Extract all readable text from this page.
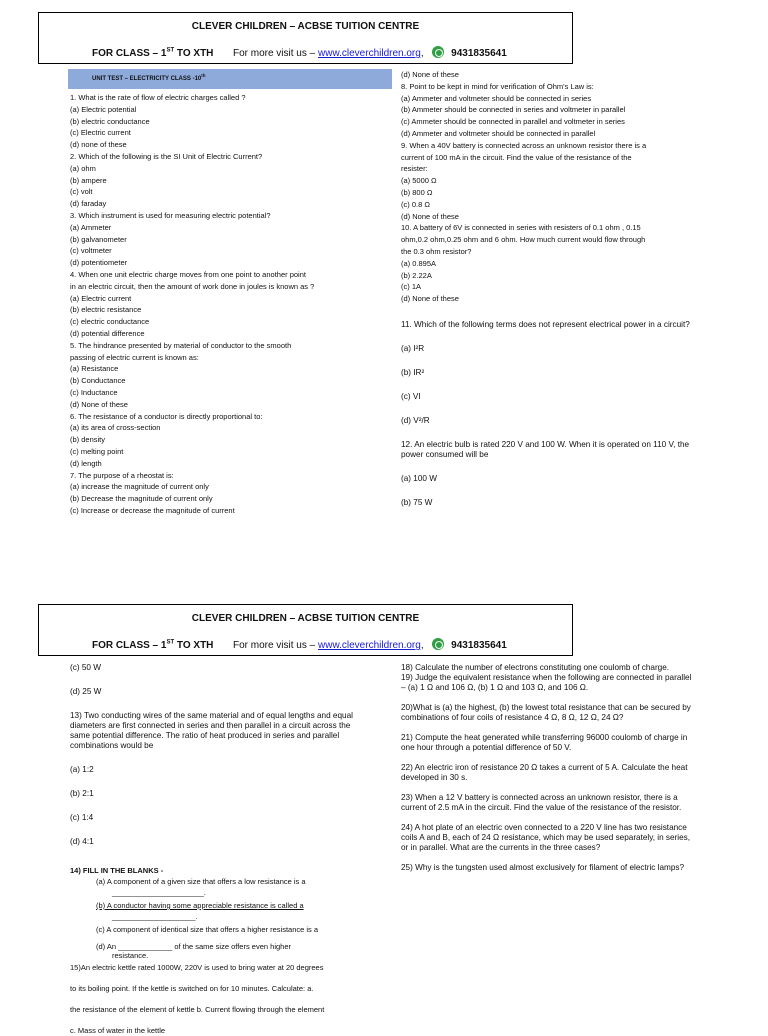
CLEVER CHILDREN – ACBSE TUITION CENTRE
FOR CLASS – 1ST TO XTH For more visit us – www.cleverchildren.org,	9431835641
UNIT TEST – ELECTRICITY CLASS -10th

1. What is the rate of flow of electric charges called ?

(a) Electric potential

(b) electric conductance

(c) Electric current

(d) none of these

2. Which of the following is the SI Unit of Electric Current?

(a) ohm

(b) ampere

(c) volt

(d) faraday

3. Which instrument is used for measuring electric potential?

(a) Ammeter

(b) galvanometer

(c) voltmeter

(d) potentiometer

4. When one unit electric charge moves from one point to another point

in an electric circuit, then the amount of work done in joules is known as ?

(a) Electric current

(b) electric resistance

(c) electric conductance

(d) potential difference

5. The hindrance presented by material of conductor to the smooth

passing of electric current is known as:

(a) Resistance

(b) Conductance

(c) Inductance

(d) None of these

6. The resistance of a conductor is directly proportional to:

(a) its area of cross-section

(b) density

(c) melting point

(d) length

7. The purpose of a rheostat is:

(a) increase the magnitude of current only

(b) Decrease the magnitude of current only

(c) Increase or decrease the magnitude of current

(d) None of these

8. Point to be kept in mind for verification of Ohm's Law is:

(a) Ammeter and voltmeter should be connected in series

(b) Ammeter should be connected in series and voltmeter in parallel

(c) Ammeter should be connected in parallel and voltmeter in series

(d) Ammeter and voltmeter should be connected in parallel

9. When a 40V battery is connected across an unknown resistor there is a

current of 100 mA in the circuit. Find the value of the resistance of the

resister:

(a) 5000 Ω

(b) 800 Ω

(c) 0.8 Ω

(d) None of these

10. A battery of 6V is connected in series with resisters of 0.1 ohm , 0.15

ohm,0.2 ohm,0.25 ohm and 6 ohm. How much current would flow through

the 0.3 ohm resistor?

(a) 0.895A

(b) 2.22A

(c) 1A

(d) None of these

11. Which of the following terms does not represent electrical power in a circuit?

(a) I²R

(b) IR²

(c) VI

(d) V²/R

12. An electric bulb is rated 220 V and 100 W. When it is operated on 110 V, the power consumed will be

(a) 100 W

(b) 75 W

CLEVER CHILDREN – ACBSE TUITION CENTRE
FOR CLASS – 1ST TO XTH For more visit us – www.cleverchildren.org,	9431835641

(c) 50 W

(d) 25 W

13) Two conducting wires of the same material and of equal lengths and equal diameters are first connected in series and then parallel in a circuit across the same potential difference. The ratio of heat produced in series and parallel combinations would be

(a) 1:2

(b) 2:1

(c) 1:4

(d) 4:1

14) FILL IN THE BLANKS -

(a) A component of a given size that offers a low resistance is a

______________________.

(b) A conductor having some appreciable resistance is called a

____________________.

(c) A component of identical size that offers a higher resistance is a

(d) An _____________ of the same size offers even higher

resistance.

15)An electric kettle rated 1000W, 220V is used to bring water at 20 degrees

to its boiling point. If the kettle is switched on for 10 minutes. Calculate: a.

the resistance of the element of kettle b. Current flowing through the element

c. Mass of water in the kettle

18) Calculate the number of electrons constituting one coulomb of charge.

19) Judge the equivalent resistance when the following are connected in parallel – (a) 1 Ω and 106 Ω, (b) 1 Ω and 103 Ω, and 106 Ω.

20)What is (a) the highest, (b) the lowest total resistance that can be secured by combinations of four coils of resistance 4 Ω, 8 Ω, 12 Ω, 24 Ω?

21) Compute the heat generated while transferring 96000 coulomb of charge in one hour through a potential difference of 50 V.

22) An electric iron of resistance 20 Ω takes a current of 5 A. Calculate the heat developed in 30 s.

23) When a 12 V battery is connected across an unknown resistor, there is a current of 2.5 mA in the circuit. Find the value of the resistance of the resistor.

24) A hot plate of an electric oven connected to a 220 V line has two resistance coils A and B, each of 24 Ω resistance, which may be used separately, in series, or in parallel. What are the currents in the three cases?

25) Why is the tungsten used almost exclusively for filament of electric lamps?
